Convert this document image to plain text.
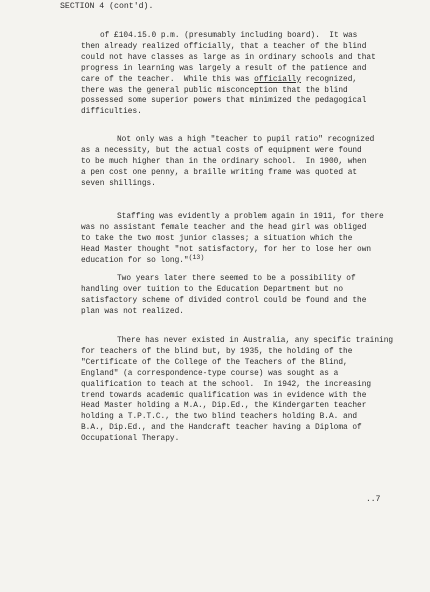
SECTION 4 (cont'd).
of £104.15.0 p.m. (presumably including board).  It was
then already realized officially, that a teacher of the blind
could not have classes as large as in ordinary schools and that
progress in learning was largely a result of the patience and
care of the teacher.  While this was officially recognized,
there was the general public misconception that the blind
possessed some superior powers that minimized the pedagogical
difficulties.
Not only was a high "teacher to pupil ratio" recognized
as a necessity, but the actual costs of equipment were found
to be much higher than in the ordinary school.  In 1900, when
a pen cost one penny, a braille writing frame was quoted at
seven shillings.
Staffing was evidently a problem again in 1911, for there
was no assistant female teacher and the head girl was obliged
to take the two most junior classes; a situation which the
Head Master thought "not satisfactory, for her to lose her own
education for so long."$^{(13)}$
Two years later there seemed to be a possibility of
handling over tuition to the Education Department but no
satisfactory scheme of divided control could be found and the
plan was not realized.
There has never existed in Australia, any specific training
for teachers of the blind but, by 1935, the holding of the
"Certificate of the College of the Teachers of the Blind,
England" (a correspondence-type course) was sought as a
qualification to teach at the school.  In 1942, the increasing
trend towards academic qualification was in evidence with the
Head Master holding a M.A., Dip.Ed., the Kindergarten teacher
holding a T.P.T.C., the two blind teachers holding B.A. and
B.A., Dip.Ed., and the Handcraft teacher having a Diploma of
Occupational Therapy.
..7
